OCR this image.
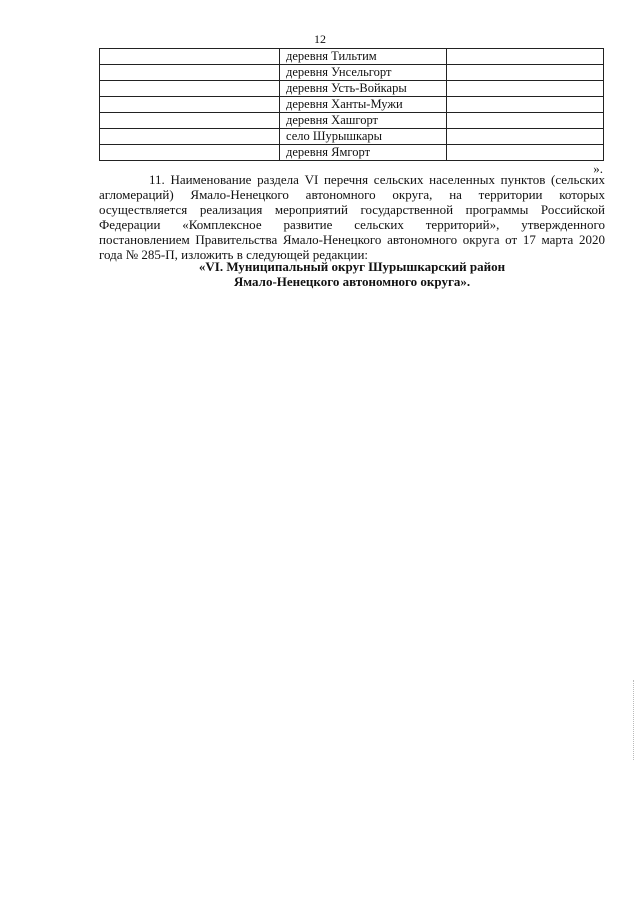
12
	деревня Тильтим	
	деревня Унсельгорт	
	деревня Усть-Войкары	
	деревня Ханты-Мужи	
	деревня Хашгорт	
	село Шурышкары	
	деревня Ямгорт	
».

11. Наименование раздела VI перечня сельских населенных пунктов (сельских агломераций) Ямало-Ненецкого автономного округа, на территории которых осуществляется реализация мероприятий государственной программы Российской Федерации «Комплексное развитие сельских территорий», утвержденного постановлением Правительства Ямало-Ненецкого автономного округа от 17 марта 2020 года № 285-П, изложить в следующей редакции:

«VI. Муниципальный округ Шурышкарский район
Ямало-Ненецкого автономного округа».
